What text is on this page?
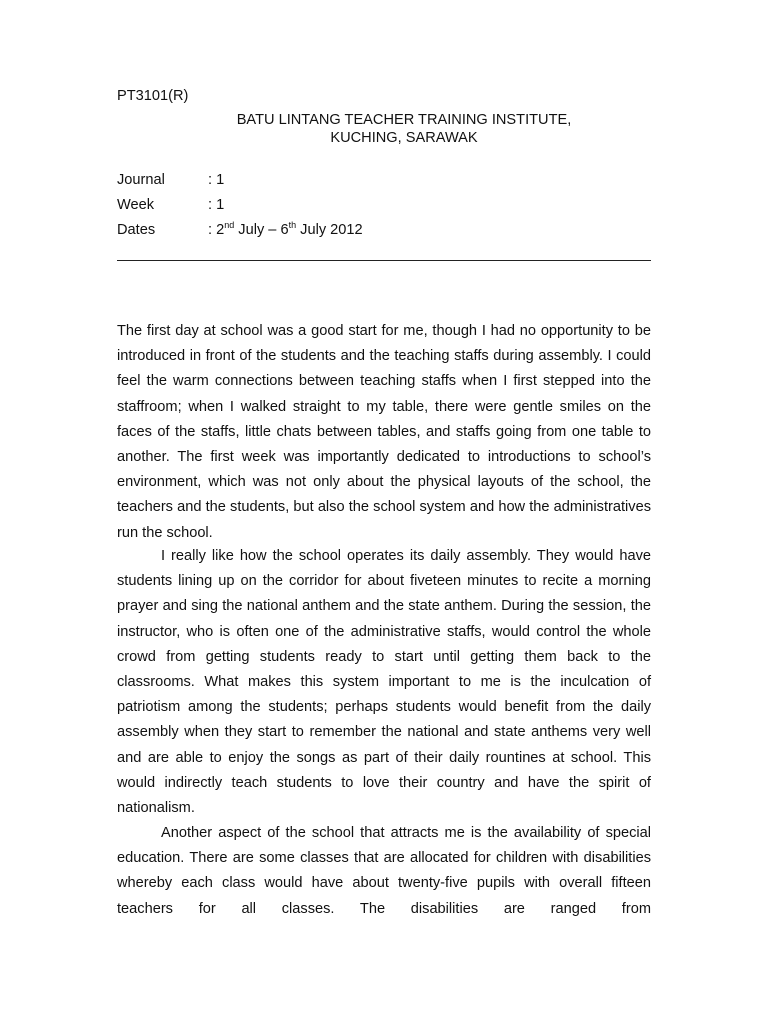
PT3101(R)
BATU LINTANG TEACHER TRAINING INSTITUTE,
KUCHING, SARAWAK
Journal	: 1
Week	: 1
Dates	: 2nd July – 6th July 2012

The first day at school was a good start for me, though I had no opportunity to be introduced in front of the students and the teaching staffs during assembly. I could feel the warm connections between teaching staffs when I first stepped into the staffroom; when I walked straight to my table, there were gentle smiles on the faces of the staffs, little chats between tables, and staffs going from one table to another. The first week was importantly dedicated to introductions to school’s environment, which was not only about the physical layouts of the school, the teachers and the students, but also the school system and how the administratives run the school.

I really like how the school operates its daily assembly. They would have students lining up on the corridor for about fiveteen minutes to recite a morning prayer and sing the national anthem and the state anthem. During the session, the instructor, who is often one of the administrative staffs, would control the whole crowd from getting students ready to start until getting them back to the classrooms. What makes this system important to me is the inculcation of patriotism among the students; perhaps students would benefit from the daily assembly when they start to remember the national and state anthems very well and are able to enjoy the songs as part of their daily rountines at school. This would indirectly teach students to love their country and have the spirit of nationalism.

Another aspect of the school that attracts me is the availability of special education. There are some classes that are allocated for children with disabilities whereby each class would have about twenty-five pupils with overall fifteen teachers for all classes. The disabilities are ranged from
